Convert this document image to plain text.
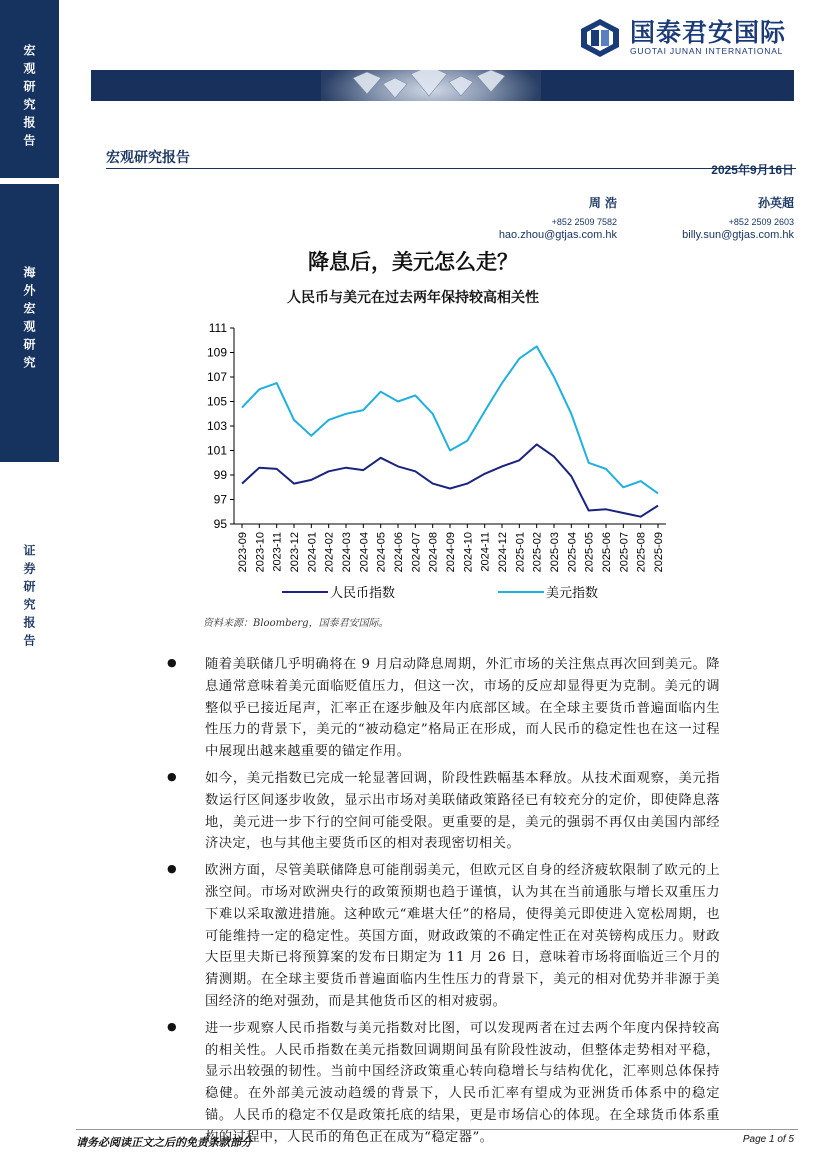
宏观研究报告
海外宏观研究
证券研究报告
国泰君安国际
GUOTAI JUNAN INTERNATIONAL
宏观研究报告
2025年9月16日
周 浩
+852 2509 7582
hao.zhou@gtjas.com.hk
孙英超
+852 2509 2603
billy.sun@gtjas.com.hk
降息后，美元怎么走？
人民币与美元在过去两年保持较高相关性
95
97
99
101
103
105
107
109
111
2023-09 2023-10 2023-11 2023-12 2024-01 2024-02 2024-03 2024-04 2024-05 2024-06 2024-07 2024-08 2024-09 2024-10 2024-11 2024-12 2025-01 2025-02 2025-03 2025-04 2025-05 2025-06 2025-07 2025-08 2025-09
人民币指数	美元指数
资料来源：Bloomberg，国泰君安国际。
● 随着美联储几乎明确将在 9 月启动降息周期，外汇市场的关注焦点再次回到美元。降息通常意味着美元面临贬值压力，但这一次，市场的反应却显得更为克制。美元的调整似乎已接近尾声，汇率正在逐步触及年内底部区域。在全球主要货币普遍面临内生性压力的背景下，美元的“被动稳定”格局正在形成，而人民币的稳定性也在这一过程中展现出越来越重要的锚定作用。
● 如今，美元指数已完成一轮显著回调，阶段性跌幅基本释放。从技术面观察，美元指数运行区间逐步收敛，显示出市场对美联储政策路径已有较充分的定价，即使降息落地，美元进一步下行的空间可能受限。更重要的是，美元的强弱不再仅由美国内部经济决定，也与其他主要货币区的相对表现密切相关。
● 欧洲方面，尽管美联储降息可能削弱美元，但欧元区自身的经济疲软限制了欧元的上涨空间。市场对欧洲央行的政策预期也趋于谨慎，认为其在当前通胀与增长双重压力下难以采取激进措施。这种欧元“难堪大任”的格局，使得美元即使进入宽松周期，也可能维持一定的稳定性。英国方面，财政政策的不确定性正在对英镑构成压力。财政大臣里夫斯已将预算案的发布日期定为 11 月 26 日，意味着市场将面临近三个月的猜测期。在全球主要货币普遍面临内生性压力的背景下，美元的相对优势并非源于美国经济的绝对强劲，而是其他货币区的相对疲弱。
● 进一步观察人民币指数与美元指数对比图，可以发现两者在过去两个年度内保持较高的相关性。人民币指数在美元指数回调期间虽有阶段性波动，但整体走势相对平稳，显示出较强的韧性。当前中国经济政策重心转向稳增长与结构优化，汇率则总体保持稳健。在外部美元波动趋缓的背景下，人民币汇率有望成为亚洲货币体系中的稳定锚。人民币的稳定不仅是政策托底的结果，更是市场信心的体现。在全球货币体系重构的过程中，人民币的角色正在成为“稳定器”。
请务必阅读正文之后的免责条款部分	Page 1 of 5
